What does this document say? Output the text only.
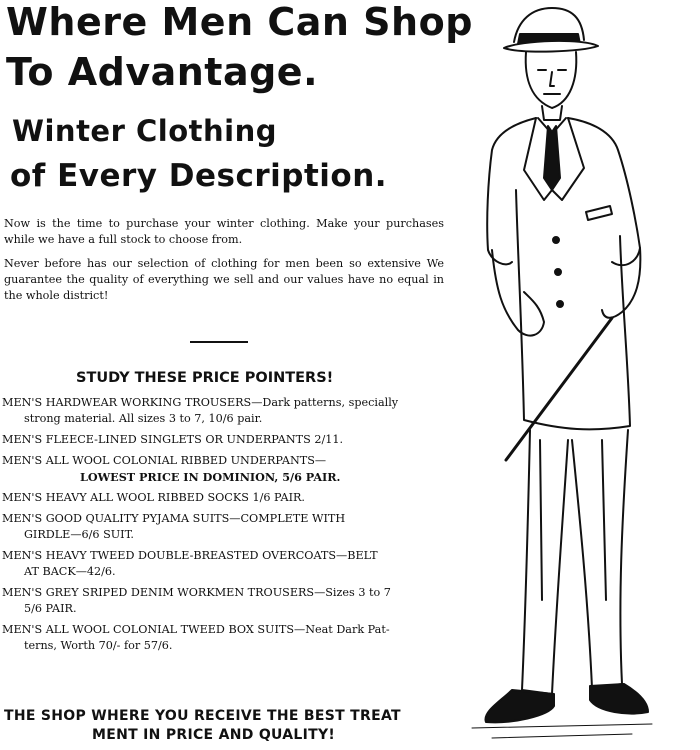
Where Men Can Shop
To Advantage.
Winter Clothing
of Every Description.

Now is the time to purchase your winter clothing. Make your purchases while we have a full stock to choose from.

Never before has our selection of clothing for men been so extensive We guarantee the quality of everything we sell and our values have no equal in the whole district!

STUDY THESE PRICE POINTERS!

MEN'S HARDWEAR WORKING TROUSERS—Dark patterns, specially
strong material. All sizes 3 to 7, 10/6 pair.

MEN'S FLEECE-LINED SINGLETS OR UNDERPANTS 2/11.

MEN'S ALL WOOL COLONIAL RIBBED UNDERPANTS—
LOWEST PRICE IN DOMINION, 5/6 PAIR.

MEN'S HEAVY ALL WOOL RIBBED SOCKS 1/6 PAIR.

MEN'S GOOD QUALITY PYJAMA SUITS—COMPLETE WITH
GIRDLE—6/6 SUIT.

MEN'S HEAVY TWEED DOUBLE-BREASTED OVERCOATS—BELT
AT BACK—42/6.

MEN'S GREY SRIPED DENIM WORKMEN TROUSERS—Sizes 3 to 7
5/6 PAIR.

MEN'S ALL WOOL COLONIAL TWEED BOX SUITS—Neat Dark Pat-
terns, Worth 70/- for 57/6.

THE SHOP WHERE YOU RECEIVE THE BEST TREAT
MENT IN PRICE AND QUALITY!
